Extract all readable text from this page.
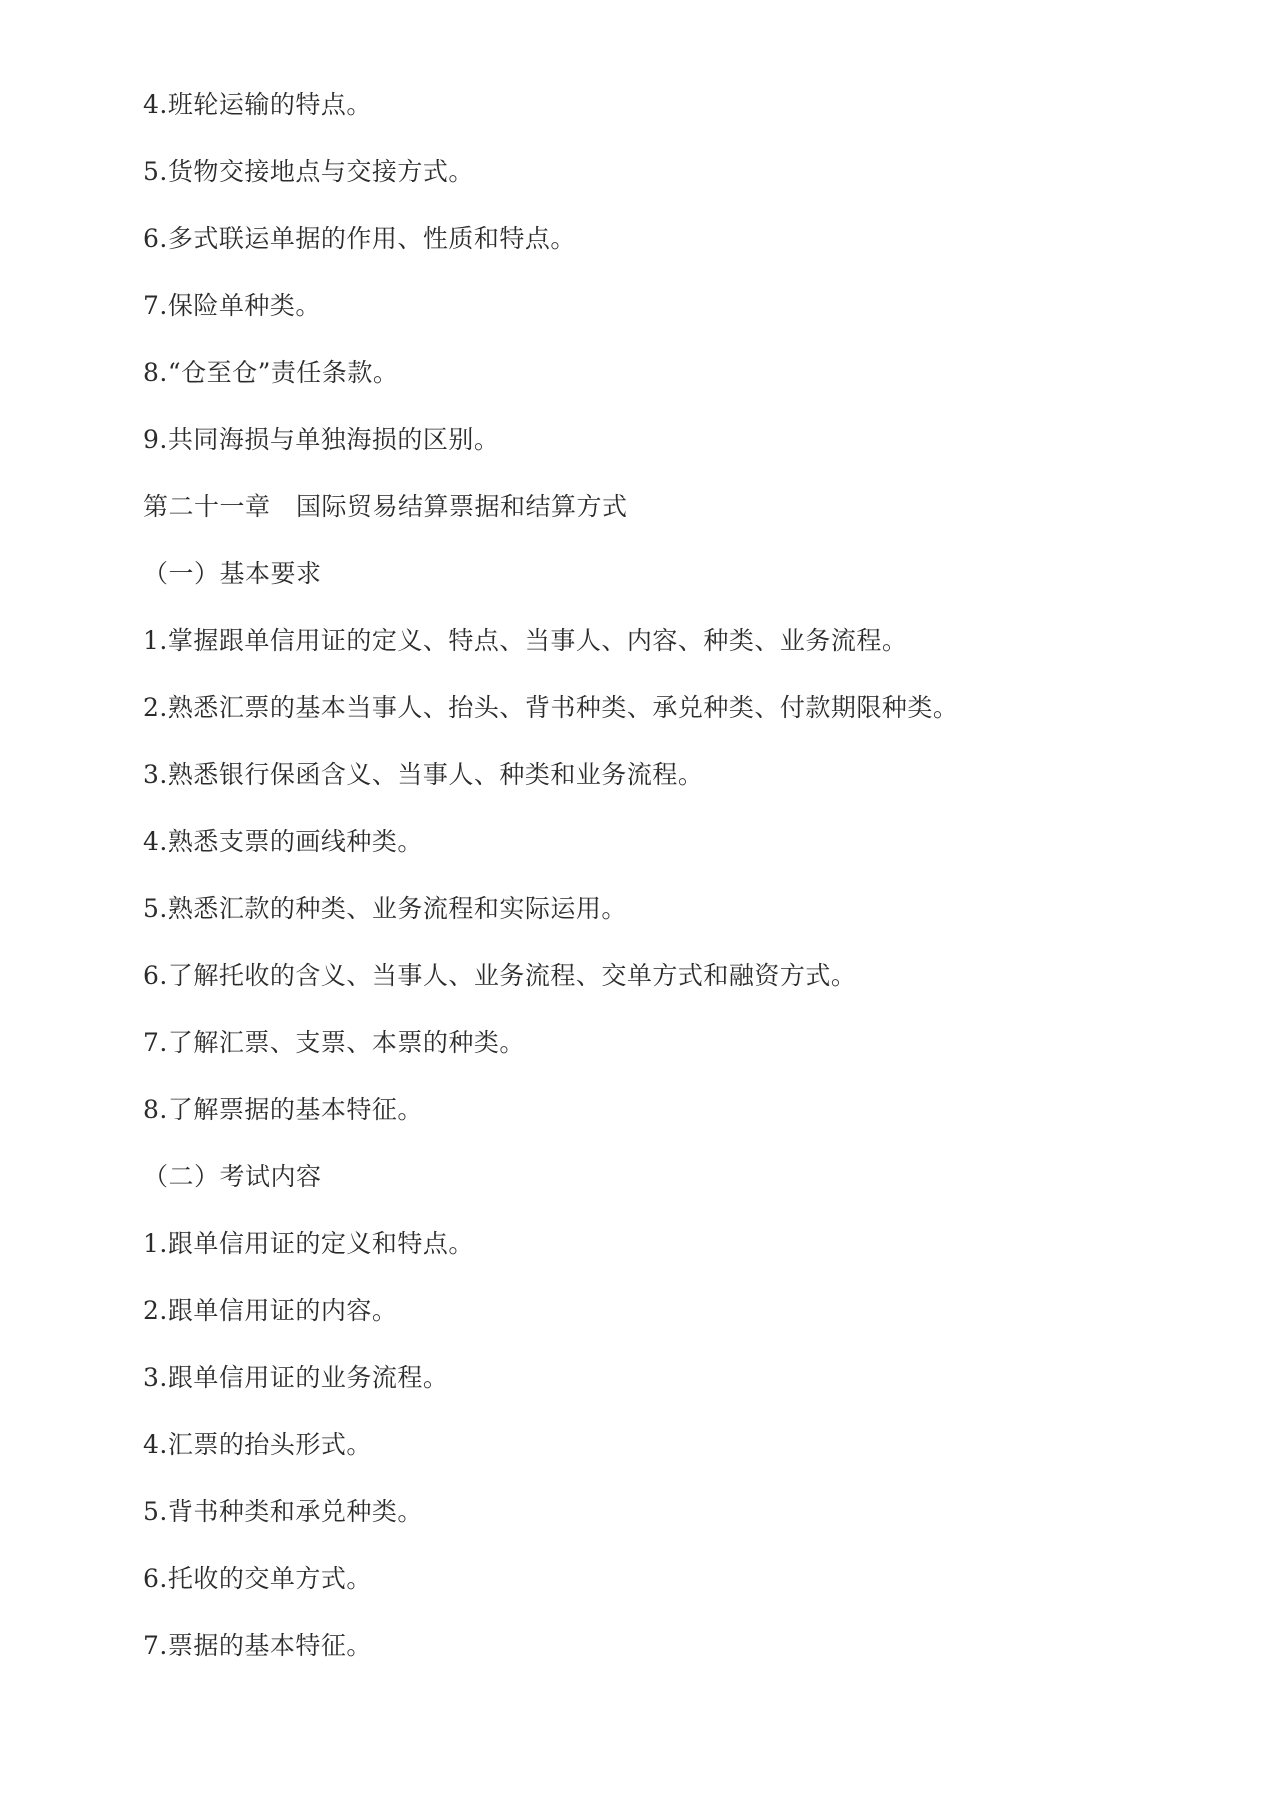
4.班轮运输的特点。
5.货物交接地点与交接方式。
6.多式联运单据的作用、性质和特点。
7.保险单种类。
8.“仓至仓”责任条款。
9.共同海损与单独海损的区别。
第二十一章　国际贸易结算票据和结算方式
（一）基本要求
1.掌握跟单信用证的定义、特点、当事人、内容、种类、业务流程。
2.熟悉汇票的基本当事人、抬头、背书种类、承兑种类、付款期限种类。
3.熟悉银行保函含义、当事人、种类和业务流程。
4.熟悉支票的画线种类。
5.熟悉汇款的种类、业务流程和实际运用。
6.了解托收的含义、当事人、业务流程、交单方式和融资方式。
7.了解汇票、支票、本票的种类。
8.了解票据的基本特征。
（二）考试内容
1.跟单信用证的定义和特点。
2.跟单信用证的内容。
3.跟单信用证的业务流程。
4.汇票的抬头形式。
5.背书种类和承兑种类。
6.托收的交单方式。
7.票据的基本特征。
